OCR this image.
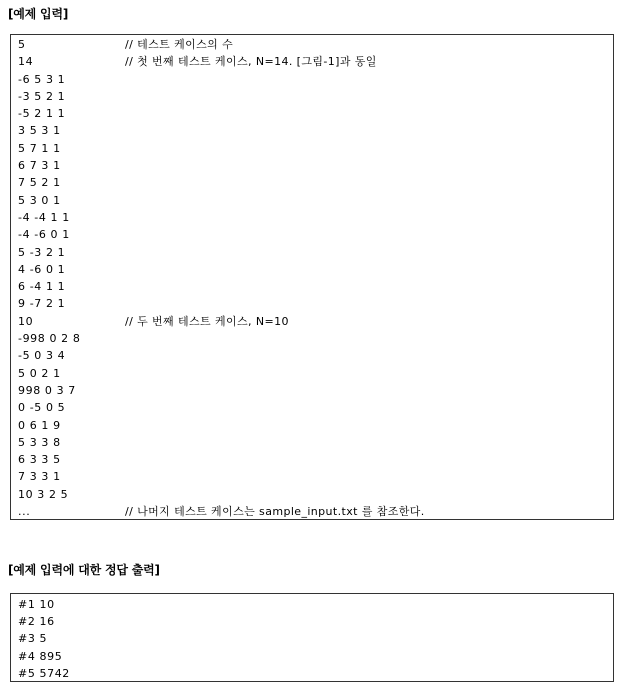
[예제 입력]
5	// 테스트 케이스의 수
14	// 첫 번째 테스트 케이스, N=14. [그림-1]과 동일
-6 5 3 1
-3 5 2 1
-5 2 1 1
3 5 3 1
5 7 1 1
6 7 3 1
7 5 2 1
5 3 0 1
-4 -4 1 1
-4 -6 0 1
5 -3 2 1
4 -6 0 1
6 -4 1 1
9 -7 2 1
10	// 두 번째 테스트 케이스, N=10
-998 0 2 8
-5 0 3 4
5 0 2 1
998 0 3 7
0 -5 0 5
0 6 1 9
5 3 3 8
6 3 3 5
7 3 3 1
10 3 2 5
...	// 나머지 테스트 케이스는 sample_input.txt 를 참조한다.
[예제 입력에 대한 정답 출력]
#1 10
#2 16
#3 5
#4 895
#5 5742
